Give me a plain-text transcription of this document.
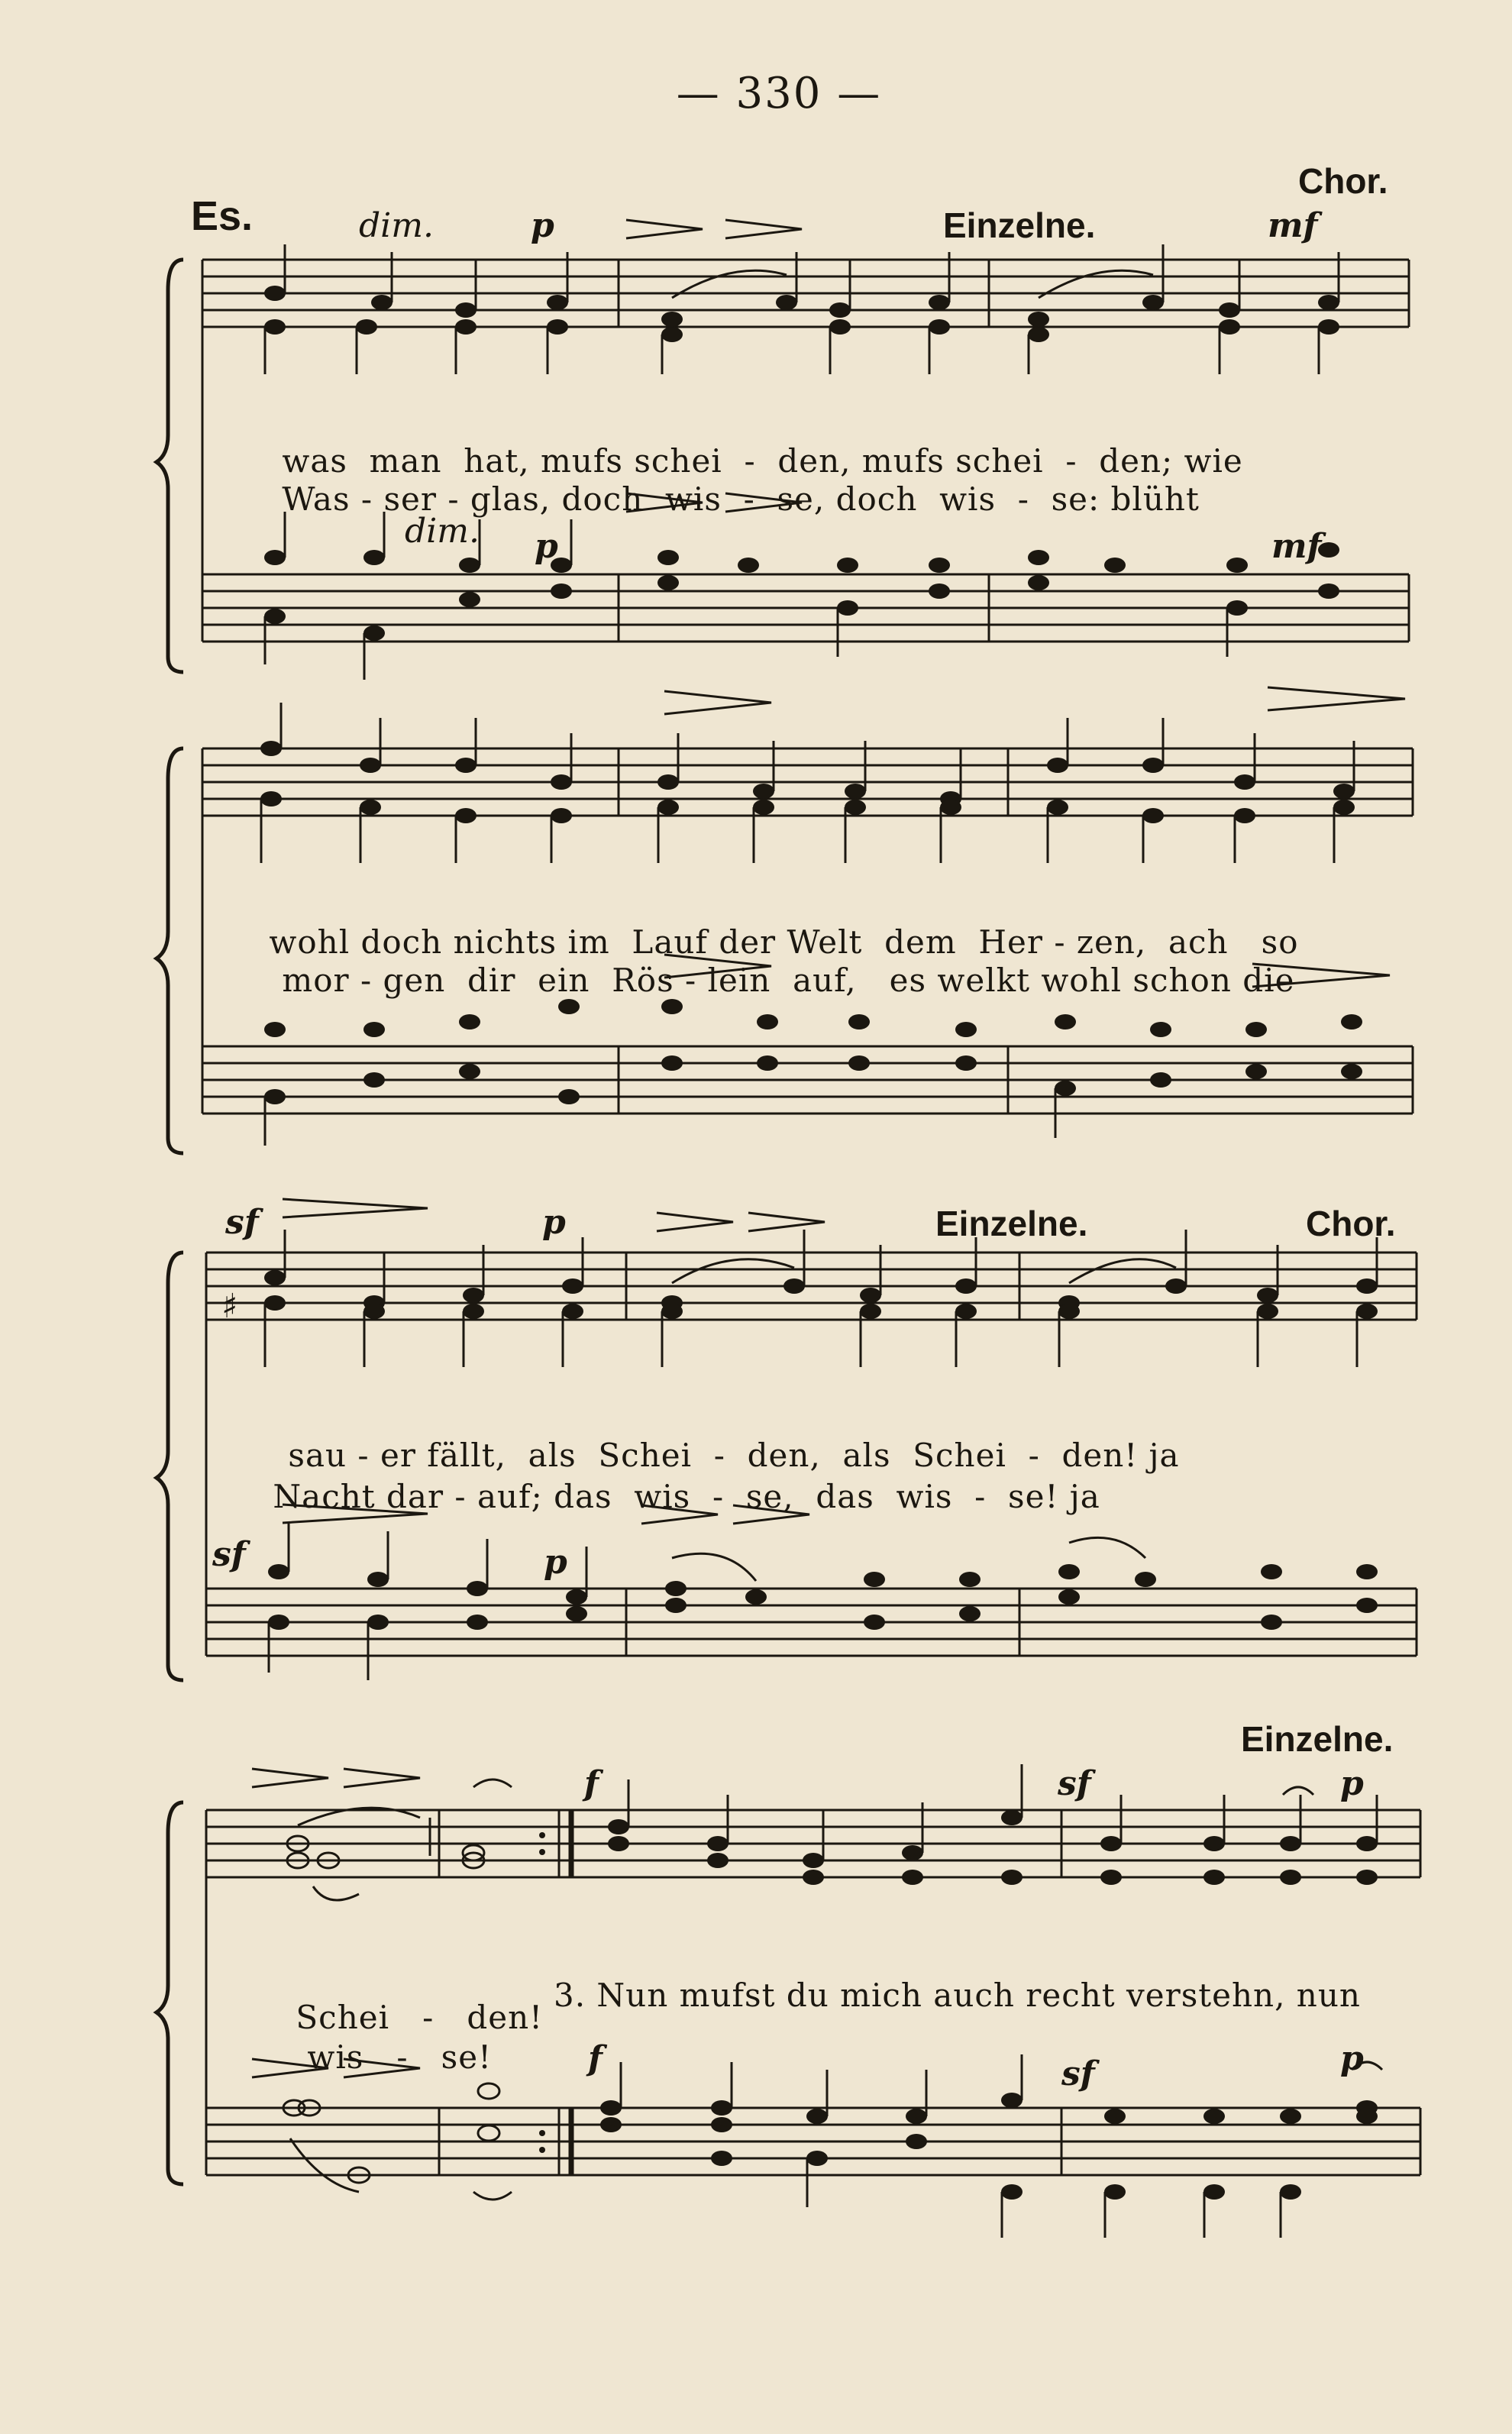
— 330 —
Es.
Chor.
Einzelne.
dim.	p	mf

was man hat, mufs schei - den, mufs schei - den; wie

Was - ser - glas, doch wis - se, doch wis - se: blüht

dim. p	mf

wohl doch nichts im Lauf der Welt dem Her - zen, ach so

mor - gen dir ein Rös - lein auf, es welkt wohl schon die

sf	p	Einzelne.	Chor.
♯

sau - er fällt, als Schei - den, als Schei - den! ja

Nacht dar - auf; das wis - se, das wis - se! ja

sf	p
Einzelne.
f	sf	p

Schei - den!

wis - se!

3. Nun mufst du mich auch recht verstehn, nun
f	sf	p
